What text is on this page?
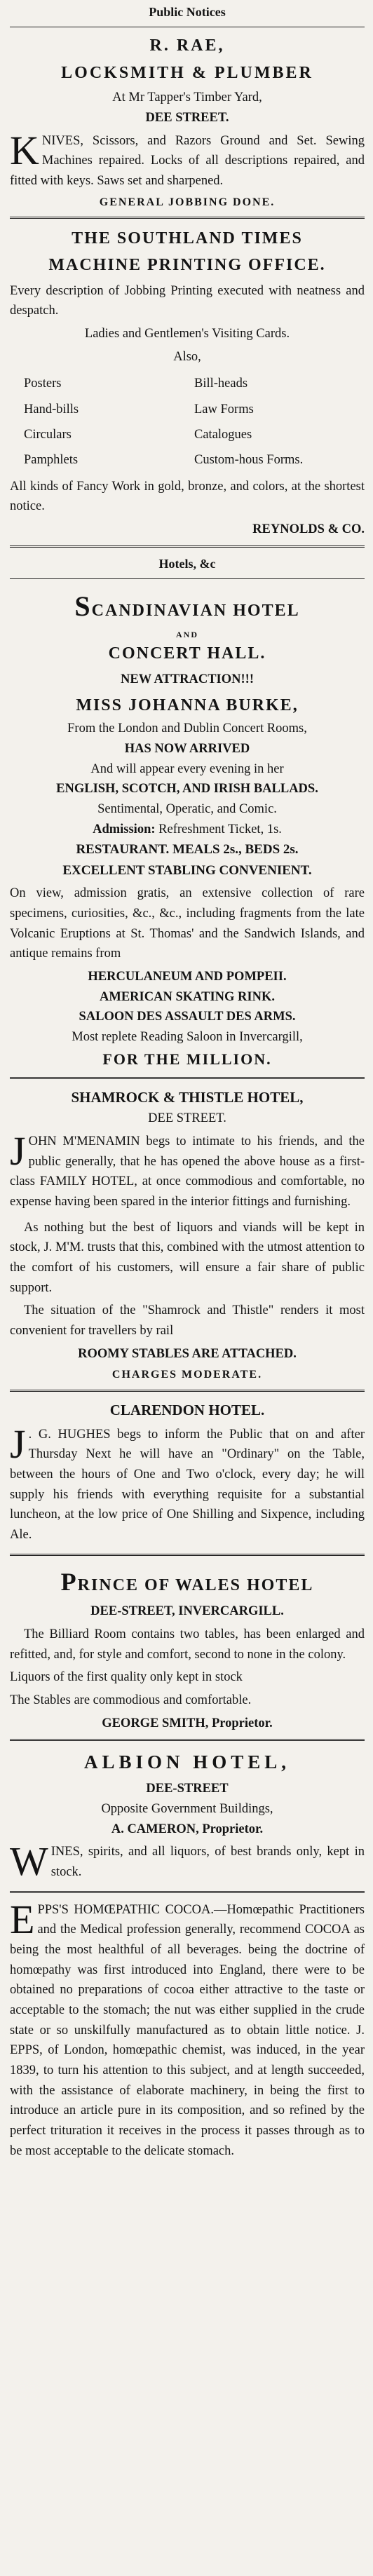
Public Notices
R. RAE,
LOCKSMITH & PLUMBER
At Mr Tapper's Timber Yard,
DEE STREET.
K NIVES, Scissors, and Razors Ground and Set. Sewing Machines repaired. Locks of all descriptions repaired, and fitted with keys. Saws set and sharpened.
GENERAL JOBBING DONE.
THE SOUTHLAND TIMES
MACHINE PRINTING OFFICE.
Every description of Jobbing Printing executed with neatness and despatch.
Ladies and Gentlemen's Visiting Cards.
Also,
Posters	Bill-heads
Hand-bills	Law Forms
Circulars	Catalogues
Pamphlets	Custom-hous Forms.
All kinds of Fancy Work in gold, bronze, and colors, at the shortest notice.
REYNOLDS & CO.
Hotels, &c
SCANDINAVIAN HOTEL
AND
CONCERT HALL.
NEW ATTRACTION!!!
MISS JOHANNA BURKE,
From the London and Dublin Concert Rooms,
HAS NOW ARRIVED
And will appear every evening in her
ENGLISH, SCOTCH, AND IRISH BALLADS.
Sentimental, Operatic, and Comic.
Admission: Refreshment Ticket, 1s.
RESTAURANT. MEALS 2s., BEDS 2s.
EXCELLENT STABLING CONVENIENT.
On view, admission gratis, an extensive collection of rare specimens, curiosities, &c., &c., including fragments from the late Volcanic Eruptions at St. Thomas' and the Sandwich Islands, and antique remains from
HERCULANEUM AND POMPEII.
AMERICAN SKATING RINK.
SALOON DES ASSAULT DES ARMS.
Most replete Reading Saloon in Invercargill,
FOR THE MILLION.
SHAMROCK & THISTLE HOTEL,
DEE STREET.
J OHN M'MENAMIN begs to intimate to his friends, and the public generally, that he has opened the above house as a first-class FAMILY HOTEL, at once commodious and comfortable, no expense having been spared in the interior fittings and furnishing.
As nothing but the best of liquors and viands will be kept in stock, J. M'M. trusts that this, combined with the utmost attention to the comfort of his customers, will ensure a fair share of public support.
The situation of the "Shamrock and Thistle" renders it most convenient for travellers by rail
ROOMY STABLES ARE ATTACHED.
CHARGES MODERATE.
CLARENDON HOTEL.
J . G. HUGHES begs to inform the Public that on and after Thursday Next he will have an "Ordinary" on the Table, between the hours of One and Two o'clock, every day; he will supply his friends with everything requisite for a substantial luncheon, at the low price of One Shilling and Sixpence, including Ale.
PRINCE OF WALES HOTEL
DEE-STREET, INVERCARGILL.
The Billiard Room contains two tables, has been enlarged and refitted, and, for style and comfort, second to none in the colony.
Liquors of the first quality only kept in stock
The Stables are commodious and comfortable.
GEORGE SMITH, Proprietor.
ALBION HOTEL,
DEE-STREET
Opposite Government Buildings,
A. CAMERON, Proprietor.
W INES, spirits, and all liquors, of best brands only, kept in stock.
E PPS'S HOMŒPATHIC COCOA.—Homœpathic Practitioners and the Medical profession generally, recommend COCOA as being the most healthful of all beverages. being the doctrine of homœpathy was first introduced into England, there were to be obtained no preparations of cocoa either attractive to the taste or acceptable to the stomach; the nut was either supplied in the crude state or so unskilfully manufactured as to obtain little notice. J. EPPS, of London, homœpathic chemist, was induced, in the year 1839, to turn his attention to this subject, and at length succeeded, with the assistance of elaborate machinery, in being the first to introduce an article pure in its composition, and so refined by the perfect trituration it receives in the process it passes through as to be most acceptable to the delicate stomach.
